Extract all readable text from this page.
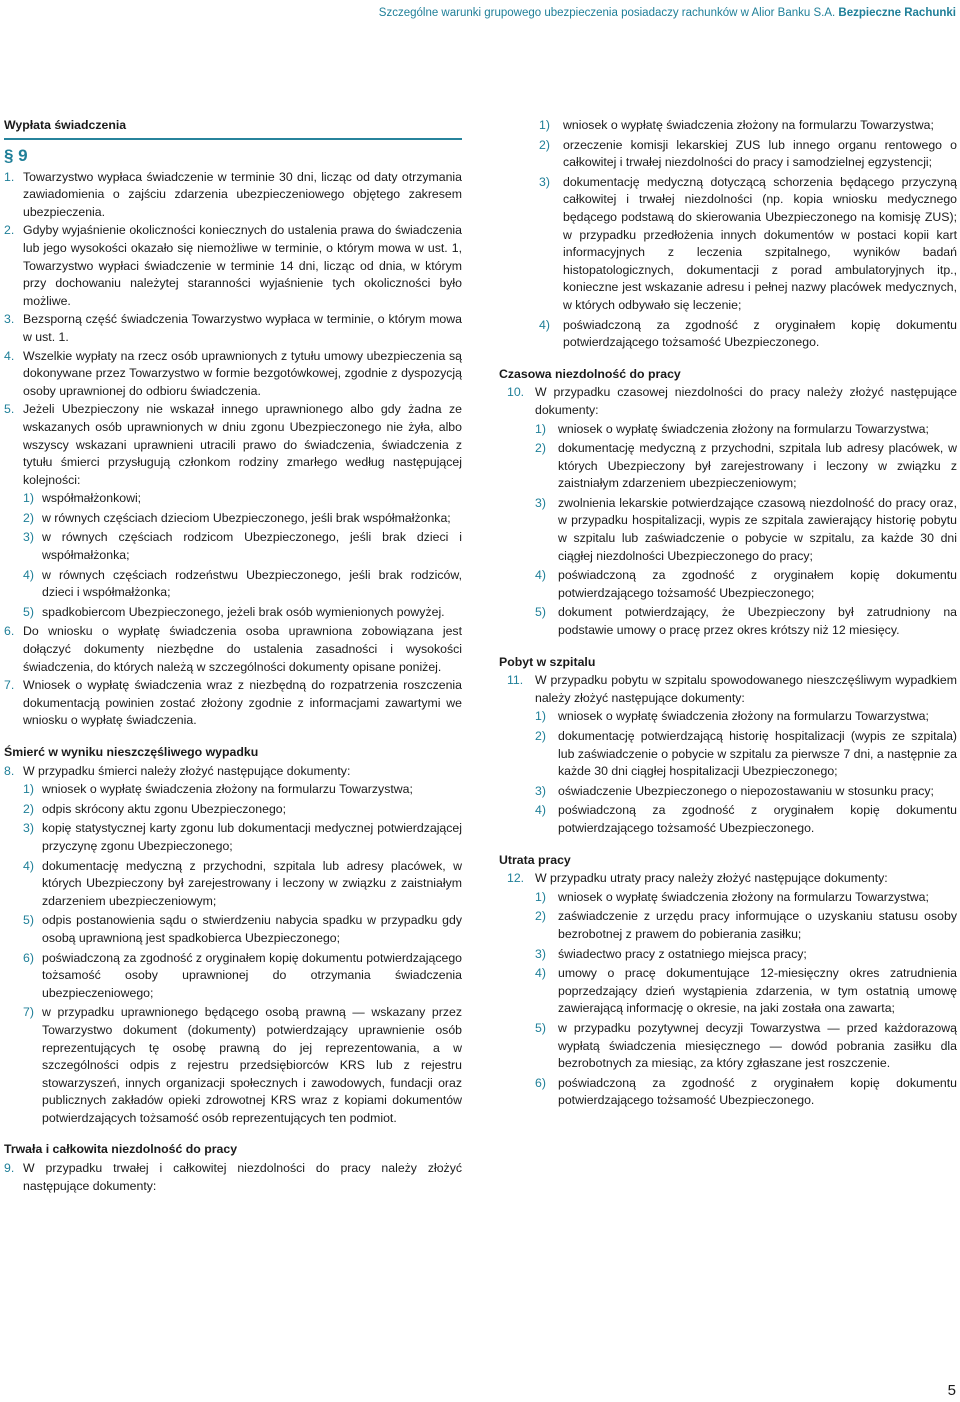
Szczególne warunki grupowego ubezpieczenia posiadaczy rachunków w Alior Banku S.A. Bezpieczne Rachunki
Wypłata świadczenia
§ 9
1. Towarzystwo wypłaca świadczenie w terminie 30 dni, licząc od daty otrzymania zawiadomienia o zajściu zdarzenia ubezpieczeniowego objętego zakresem ubezpieczenia.
2. Gdyby wyjaśnienie okoliczności koniecznych do ustalenia prawa do świadczenia lub jego wysokości okazało się niemożliwe w terminie, o którym mowa w ust. 1, Towarzystwo wypłaci świadczenie w terminie 14 dni, licząc od dnia, w którym przy dochowaniu należytej staranności wyjaśnienie tych okoliczności było możliwe.
3. Bezsporną część świadczenia Towarzystwo wypłaca w terminie, o którym mowa w ust. 1.
4. Wszelkie wypłaty na rzecz osób uprawnionych z tytułu umowy ubezpieczenia są dokonywane przez Towarzystwo w formie bezgotówkowej, zgodnie z dyspozycją osoby uprawnionej do odbioru świadczenia.
5. Jeżeli Ubezpieczony nie wskazał innego uprawnionego albo gdy żadna ze wskazanych osób uprawnionych w dniu zgonu Ubezpieczonego nie żyła, albo wszyscy wskazani uprawnieni utracili prawo do świadczenia, świadczenia z tytułu śmierci przysługują członkom rodziny zmarłego według następującej kolejności:
1) współmałżonkowi;
2) w równych częściach dzieciom Ubezpieczonego, jeśli brak współmałżonka;
3) w równych częściach rodzicom Ubezpieczonego, jeśli brak dzieci i współmałżonka;
4) w równych częściach rodzeństwu Ubezpieczonego, jeśli brak rodziców, dzieci i współmałżonka;
5) spadkobiercom Ubezpieczonego, jeżeli brak osób wymienionych powyżej.
6. Do wniosku o wypłatę świadczenia osoba uprawniona zobowiązana jest dołączyć dokumenty niezbędne do ustalenia zasadności i wysokości świadczenia, do których należą w szczególności dokumenty opisane poniżej.
7. Wniosek o wypłatę świadczenia wraz z niezbędną do rozpatrzenia roszczenia dokumentacją powinien zostać złożony zgodnie z informacjami zawartymi we wniosku o wypłatę świadczenia.
Śmierć w wyniku nieszczęśliwego wypadku
8. W przypadku śmierci należy złożyć następujące dokumenty:
1) wniosek o wypłatę świadczenia złożony na formularzu Towarzystwa;
2) odpis skrócony aktu zgonu Ubezpieczonego;
3) kopię statystycznej karty zgonu lub dokumentacji medycznej potwierdzającej przyczynę zgonu Ubezpieczonego;
4) dokumentację medyczną z przychodni, szpitala lub adresy placówek, w których Ubezpieczony był zarejestrowany i leczony w związku z zaistniałym zdarzeniem ubezpieczeniowym;
5) odpis postanowienia sądu o stwierdzeniu nabycia spadku w przypadku gdy osobą uprawnioną jest spadkobierca Ubezpieczonego;
6) poświadczoną za zgodność z oryginałem kopię dokumentu potwierdzającego tożsamość osoby uprawnionej do otrzymania świadczenia ubezpieczeniowego;
7) w przypadku uprawnionego będącego osobą prawną — wskazany przez Towarzystwo dokument (dokumenty) potwierdzający uprawnienie osób reprezentujących tę osobę prawną do jej reprezentowania, a w szczególności odpis z rejestru przedsiębiorców KRS lub z rejestru stowarzyszeń, innych organizacji społecznych i zawodowych, fundacji oraz publicznych zakładów opieki zdrowotnej KRS wraz z kopiami dokumentów potwierdzających tożsamość osób reprezentujących ten podmiot.
Trwała i całkowita niezdolność do pracy
9. W przypadku trwałej i całkowitej niezdolności do pracy należy złożyć następujące dokumenty:
1) wniosek o wypłatę świadczenia złożony na formularzu Towarzystwa;
2) orzeczenie komisji lekarskiej ZUS lub innego organu rentowego o całkowitej i trwałej niezdolności do pracy i samodzielnej egzystencji;
3) dokumentację medyczną dotyczącą schorzenia będącego przyczyną całkowitej i trwałej niezdolności (np. kopia wniosku medycznego będącego podstawą do skierowania Ubezpieczonego na komisję ZUS); w przypadku przedłożenia innych dokumentów w postaci kopii kart informacyjnych z leczenia szpitalnego, wyników badań histopatologicznych, dokumentacji z porad ambulatoryjnych itp., konieczne jest wskazanie adresu i pełnej nazwy placówek medycznych, w których odbywało się leczenie;
4) poświadczoną za zgodność z oryginałem kopię dokumentu potwierdzającego tożsamość Ubezpieczonego.
Czasowa niezdolność do pracy
10. W przypadku czasowej niezdolności do pracy należy złożyć następujące dokumenty:
1) wniosek o wypłatę świadczenia złożony na formularzu Towarzystwa;
2) dokumentację medyczną z przychodni, szpitala lub adresy placówek, w których Ubezpieczony był zarejestrowany i leczony w związku z zaistniałym zdarzeniem ubezpieczeniowym;
3) zwolnienia lekarskie potwierdzające czasową niezdolność do pracy oraz, w przypadku hospitalizacji, wypis ze szpitala zawierający historię pobytu w szpitalu lub zaświadczenie o pobycie w szpitalu, za każde 30 dni ciągłej niezdolności Ubezpieczonego do pracy;
4) poświadczoną za zgodność z oryginałem kopię dokumentu potwierdzającego tożsamość Ubezpieczonego;
5) dokument potwierdzający, że Ubezpieczony był zatrudniony na podstawie umowy o pracę przez okres krótszy niż 12 miesięcy.
Pobyt w szpitalu
11. W przypadku pobytu w szpitalu spowodowanego nieszczęśliwym wypadkiem należy złożyć następujące dokumenty:
1) wniosek o wypłatę świadczenia złożony na formularzu Towarzystwa;
2) dokumentację potwierdzającą historię hospitalizacji (wypis ze szpitala) lub zaświadczenie o pobycie w szpitalu za pierwsze 7 dni, a następnie za każde 30 dni ciągłej hospitalizacji Ubezpieczonego;
3) oświadczenie Ubezpieczonego o niepozostawaniu w stosunku pracy;
4) poświadczoną za zgodność z oryginałem kopię dokumentu potwierdzającego tożsamość Ubezpieczonego.
Utrata pracy
12. W przypadku utraty pracy należy złożyć następujące dokumenty:
1) wniosek o wypłatę świadczenia złożony na formularzu Towarzystwa;
2) zaświadczenie z urzędu pracy informujące o uzyskaniu statusu osoby bezrobotnej z prawem do pobierania zasiłku;
3) świadectwo pracy z ostatniego miejsca pracy;
4) umowy o pracę dokumentujące 12-miesięczny okres zatrudnienia poprzedzający dzień wystąpienia zdarzenia, w tym ostatnią umowę zawierającą informację o okresie, na jaki została ona zawarta;
5) w przypadku pozytywnej decyzji Towarzystwa — przed każdorazową wypłatą świadczenia miesięcznego — dowód pobrania zasiłku dla bezrobotnych za miesiąc, za który zgłaszane jest roszczenie.
6) poświadczoną za zgodność z oryginałem kopię dokumentu potwierdzającego tożsamość Ubezpieczonego.
5
